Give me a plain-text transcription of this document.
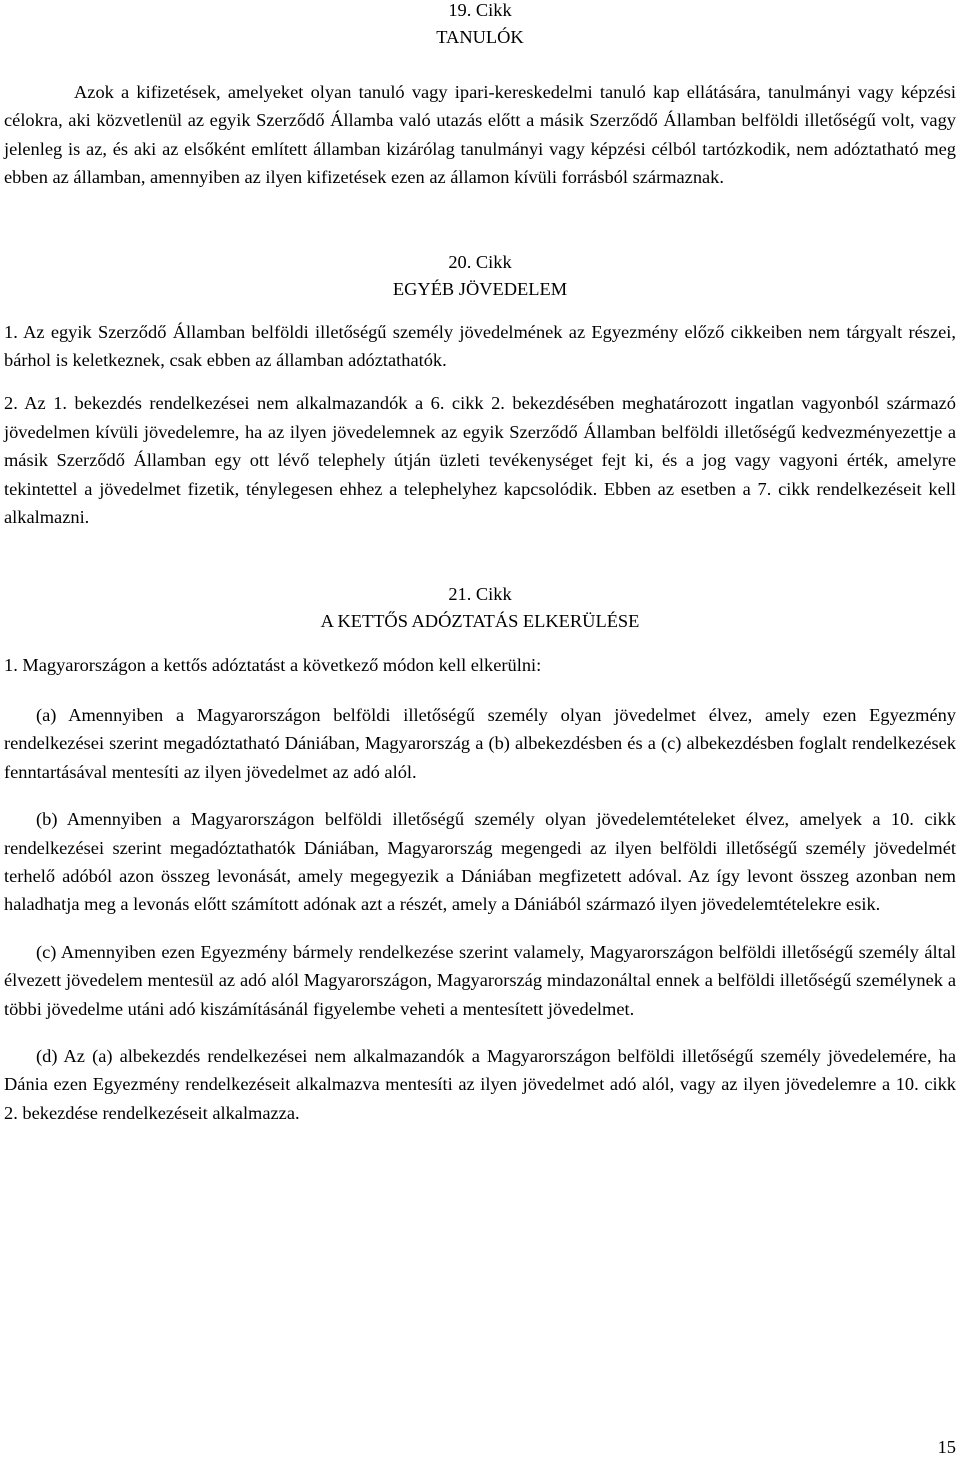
19. Cikk

TANULÓK

Azok a kifizetések, amelyeket olyan tanuló vagy ipari-kereskedelmi tanuló kap ellátására, tanulmányi vagy képzési célokra, aki közvetlenül az egyik Szerződő Államba való utazás előtt a másik Szerződő Államban belföldi illetőségű volt, vagy jelenleg is az, és aki az elsőként említett államban kizárólag tanulmányi vagy képzési célból tartózkodik, nem adóztatható meg ebben az államban, amennyiben az ilyen kifizetések ezen az államon kívüli forrásból származnak.

20. Cikk

EGYÉB JÖVEDELEM

1. Az egyik Szerződő Államban belföldi illetőségű személy jövedelmének az Egyezmény előző cikkeiben nem tárgyalt részei, bárhol is keletkeznek, csak ebben az államban adóztathatók.

2. Az 1. bekezdés rendelkezései nem alkalmazandók a 6. cikk 2. bekezdésében meghatározott ingatlan vagyonból származó jövedelmen kívüli jövedelemre, ha az ilyen jövedelemnek az egyik Szerződő Államban belföldi illetőségű kedvezményezettje a másik Szerződő Államban egy ott lévő telephely útján üzleti tevékenységet fejt ki, és a jog vagy vagyoni érték, amelyre tekintettel a jövedelmet fizetik, ténylegesen ehhez a telephelyhez kapcsolódik. Ebben az esetben a 7. cikk rendelkezéseit kell alkalmazni.

21. Cikk

A KETTŐS ADÓZTATÁS ELKERÜLÉSE

1. Magyarországon a kettős adóztatást a következő módon kell elkerülni:

(a) Amennyiben a Magyarországon belföldi illetőségű személy olyan jövedelmet élvez, amely ezen Egyezmény rendelkezései szerint megadóztatható Dániában, Magyarország a (b) albekezdésben és a (c) albekezdésben foglalt rendelkezések fenntartásával mentesíti az ilyen jövedelmet az adó alól.

(b) Amennyiben a Magyarországon belföldi illetőségű személy olyan jövedelemtételeket élvez, amelyek a 10. cikk rendelkezései szerint megadóztathatók Dániában, Magyarország megengedi az ilyen belföldi illetőségű személy jövedelmét terhelő adóból azon összeg levonását, amely megegyezik a Dániában megfizetett adóval. Az így levont összeg azonban nem haladhatja meg a levonás előtt számított adónak azt a részét, amely a Dániából származó ilyen jövedelemtételekre esik.

(c) Amennyiben ezen Egyezmény bármely rendelkezése szerint valamely, Magyarországon belföldi illetőségű személy által élvezett jövedelem mentesül az adó alól Magyarországon, Magyarország mindazonáltal ennek a belföldi illetőségű személynek a többi jövedelme utáni adó kiszámításánál figyelembe veheti a mentesített jövedelmet.

(d) Az (a) albekezdés rendelkezései nem alkalmazandók a Magyarországon belföldi illetőségű személy jövedelemére, ha Dánia ezen Egyezmény rendelkezéseit alkalmazva mentesíti az ilyen jövedelmet adó alól, vagy az ilyen jövedelemre a 10. cikk 2. bekezdése rendelkezéseit alkalmazza.

15
